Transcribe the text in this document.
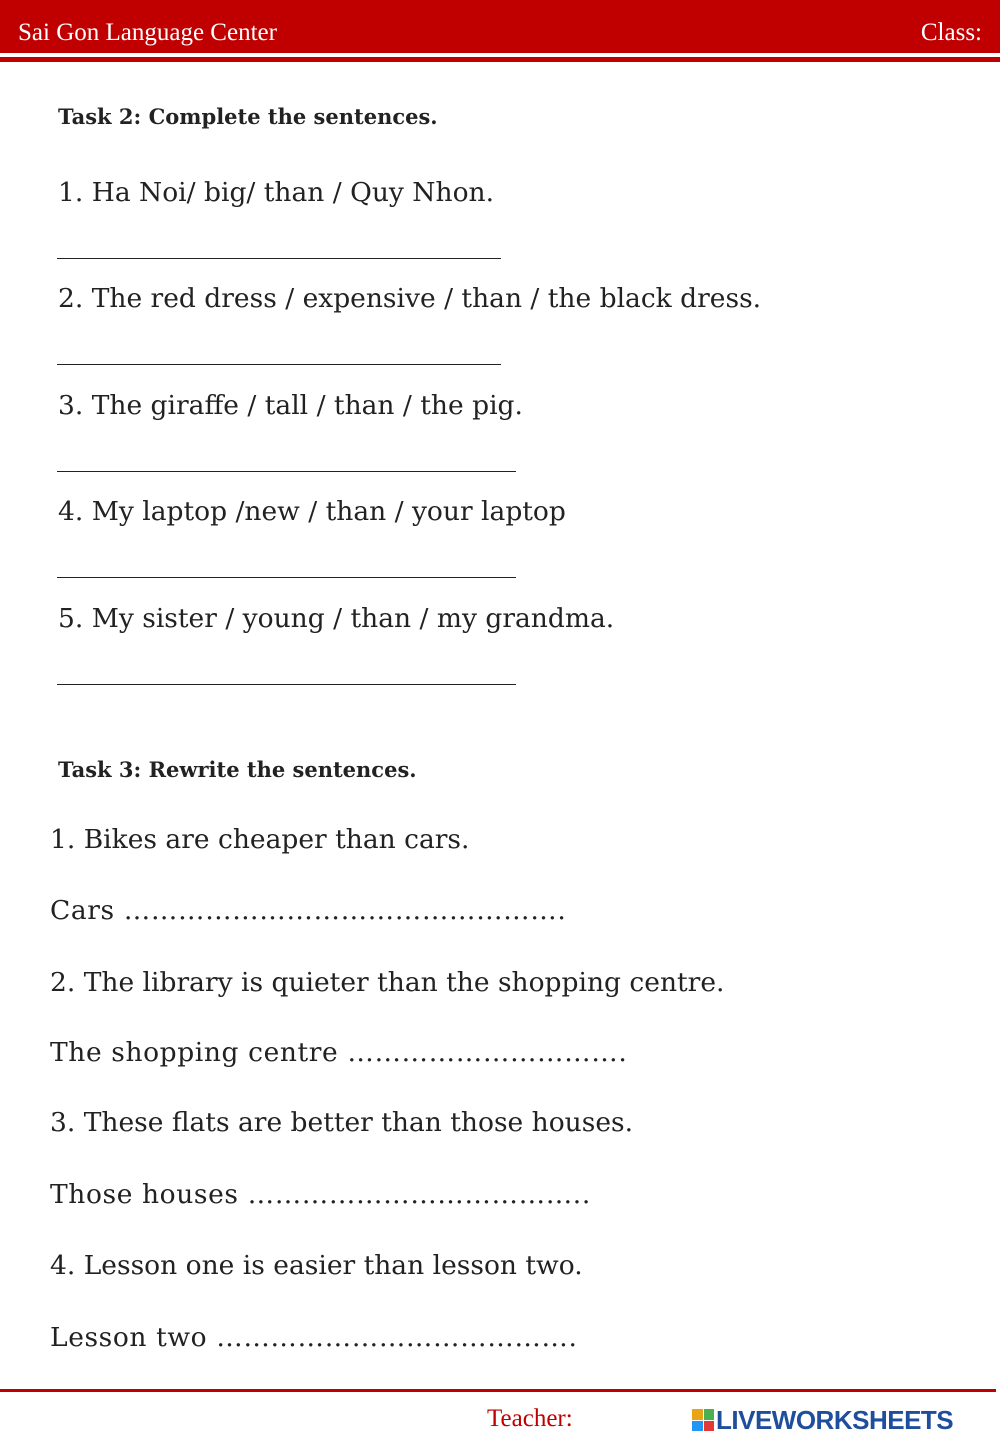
Sai Gon Language Center	Class:
Task 2: Complete the sentences.
1. Ha Noi/ big/ than / Quy Nhon.
2. The red dress / expensive / than / the black dress.
3. The giraffe / tall / than / the pig.
4. My laptop /new / than / your laptop
5. My sister / young / than / my grandma.
Task 3: Rewrite the sentences.
1. Bikes are cheaper than cars.
Cars ………………………………………….
2. The library is quieter than the shopping centre.
The shopping centre ………………………….
3. These flats are better than those houses.
Those houses ………………………………..
4. Lesson one is easier than lesson two.
Lesson two ………………………………….
Teacher:	LIVEWORKSHEETS
